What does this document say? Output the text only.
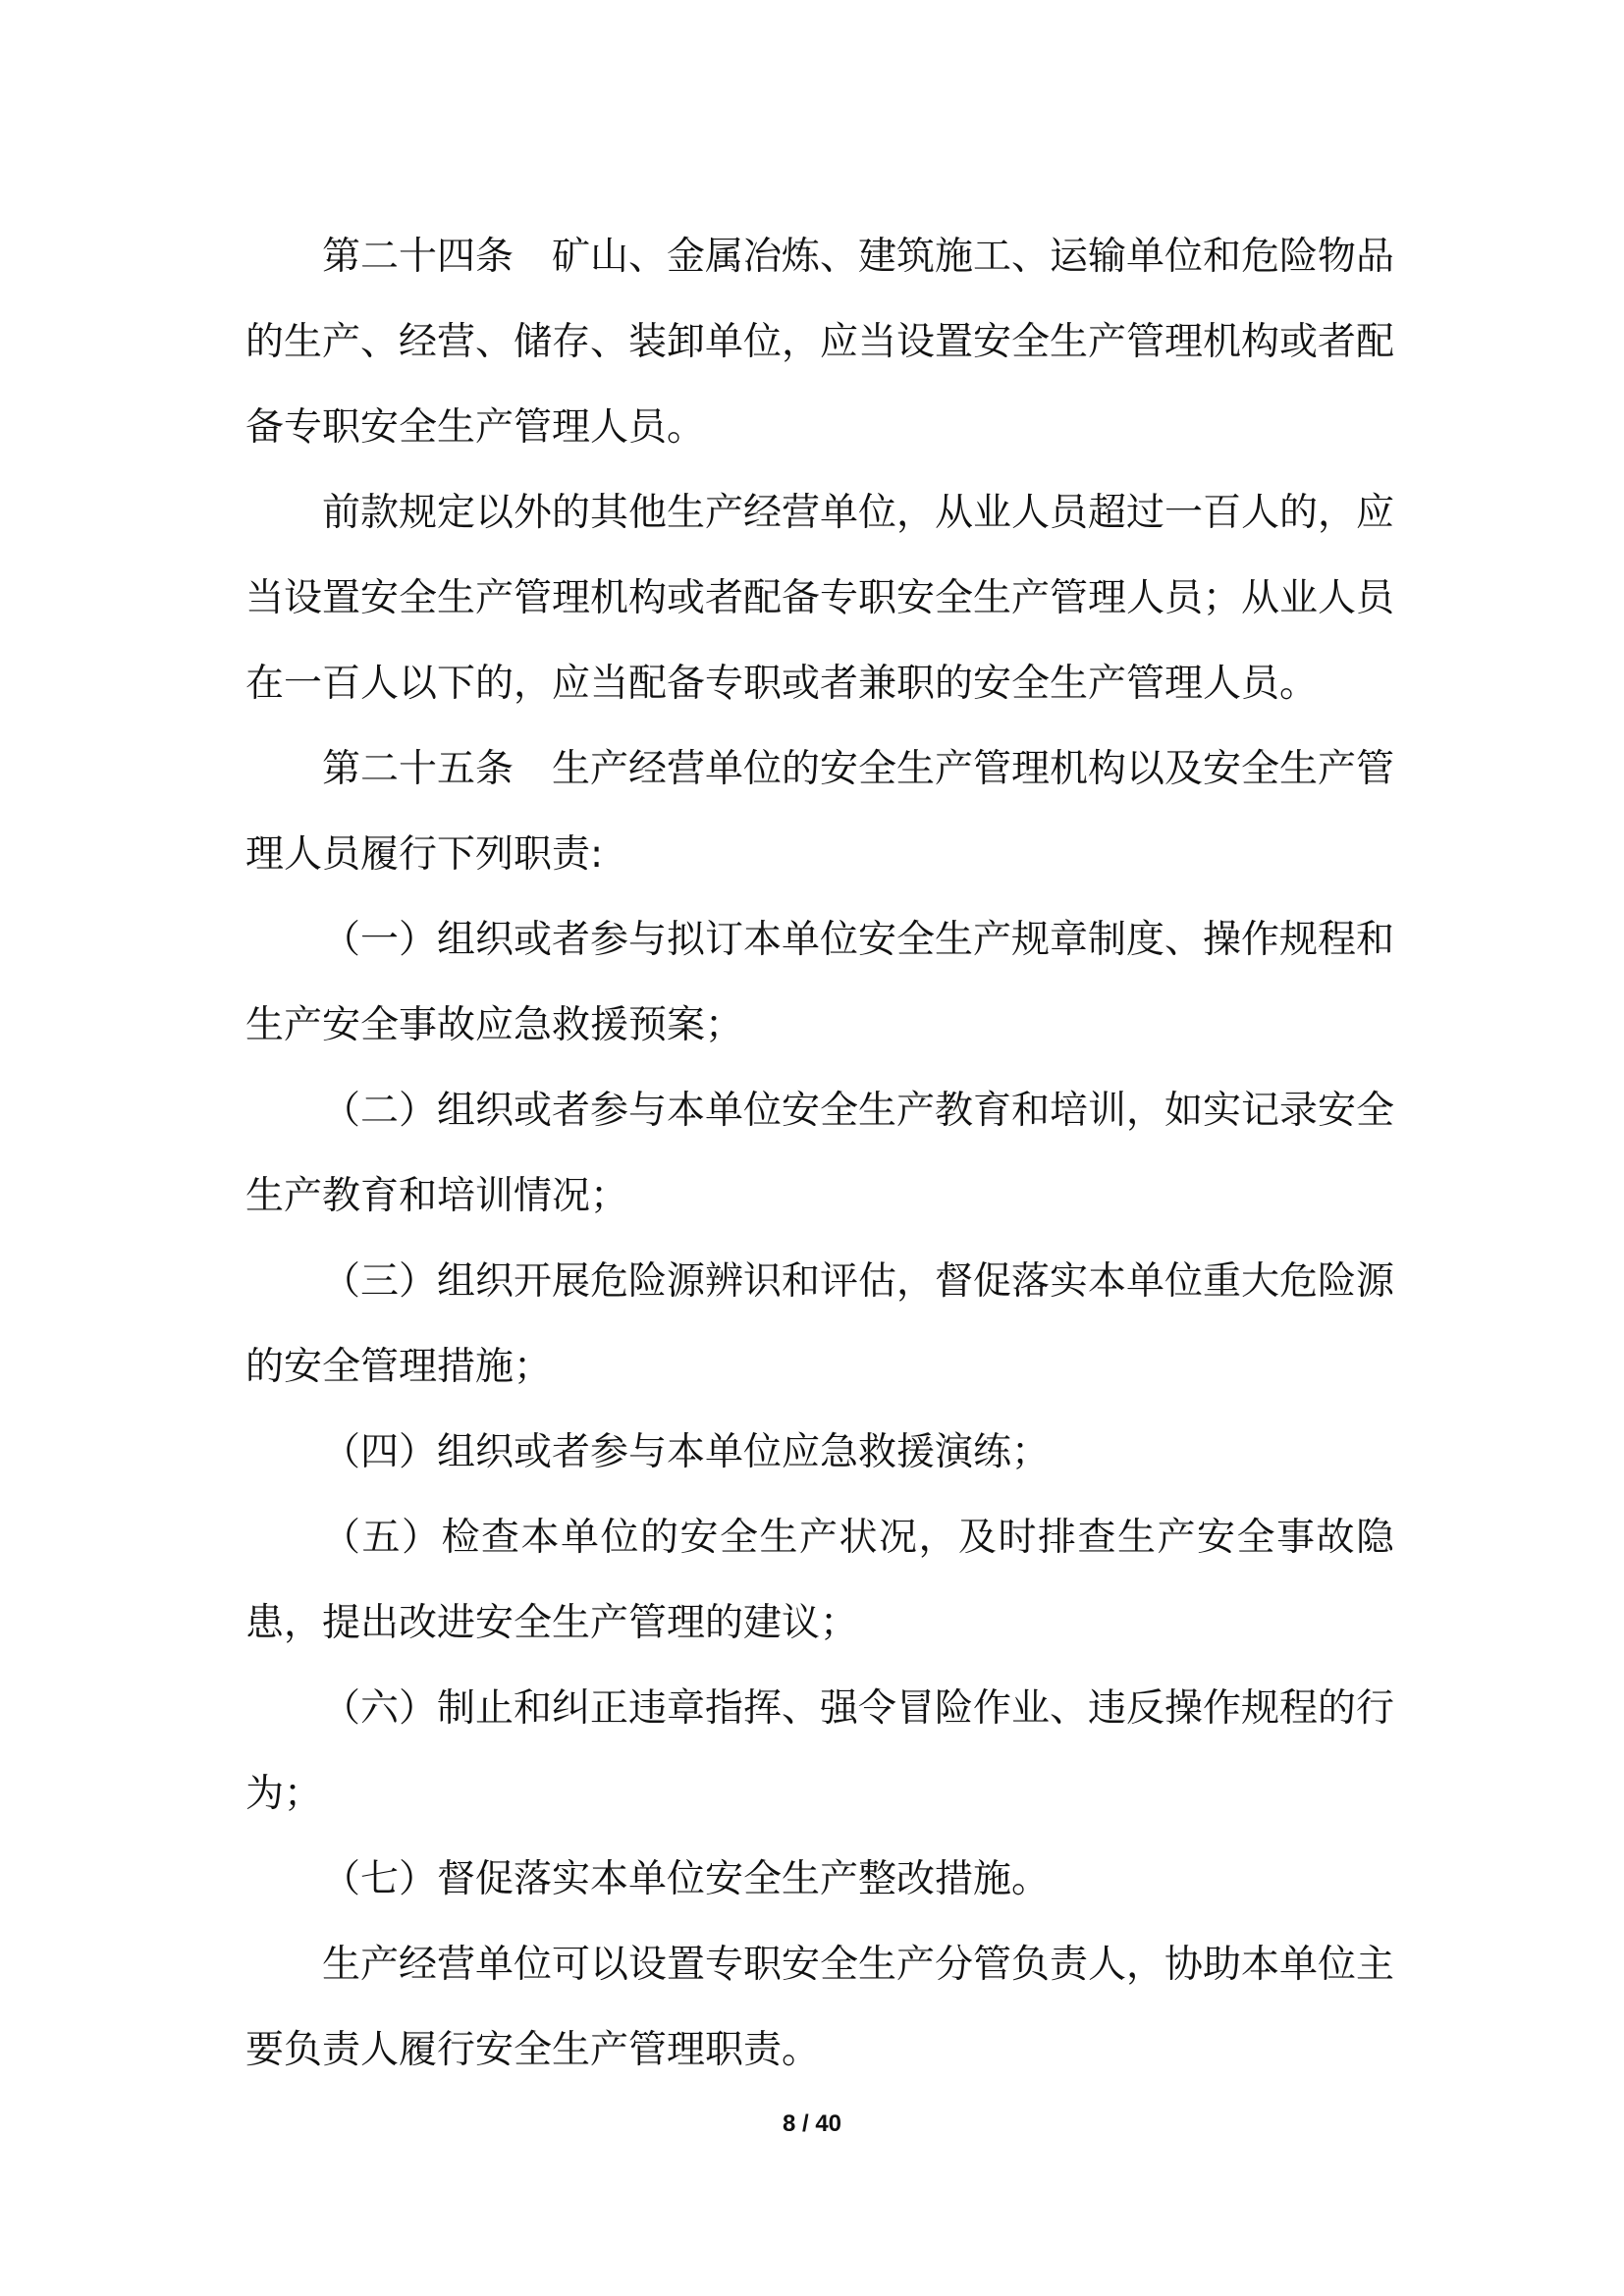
第二十四条　矿山、金属冶炼、建筑施工、运输单位和危险物品的生产、经营、储存、装卸单位，应当设置安全生产管理机构或者配备专职安全生产管理人员。

前款规定以外的其他生产经营单位，从业人员超过一百人的，应当设置安全生产管理机构或者配备专职安全生产管理人员；从业人员在一百人以下的，应当配备专职或者兼职的安全生产管理人员。

第二十五条　生产经营单位的安全生产管理机构以及安全生产管理人员履行下列职责:

（一）组织或者参与拟订本单位安全生产规章制度、操作规程和生产安全事故应急救援预案；

（二）组织或者参与本单位安全生产教育和培训，如实记录安全生产教育和培训情况；

（三）组织开展危险源辨识和评估，督促落实本单位重大危险源的安全管理措施；

（四）组织或者参与本单位应急救援演练；

（五）检查本单位的安全生产状况，及时排查生产安全事故隐患，提出改进安全生产管理的建议；

（六）制止和纠正违章指挥、强令冒险作业、违反操作规程的行为；

（七）督促落实本单位安全生产整改措施。

生产经营单位可以设置专职安全生产分管负责人，协助本单位主要负责人履行安全生产管理职责。

8 / 40
